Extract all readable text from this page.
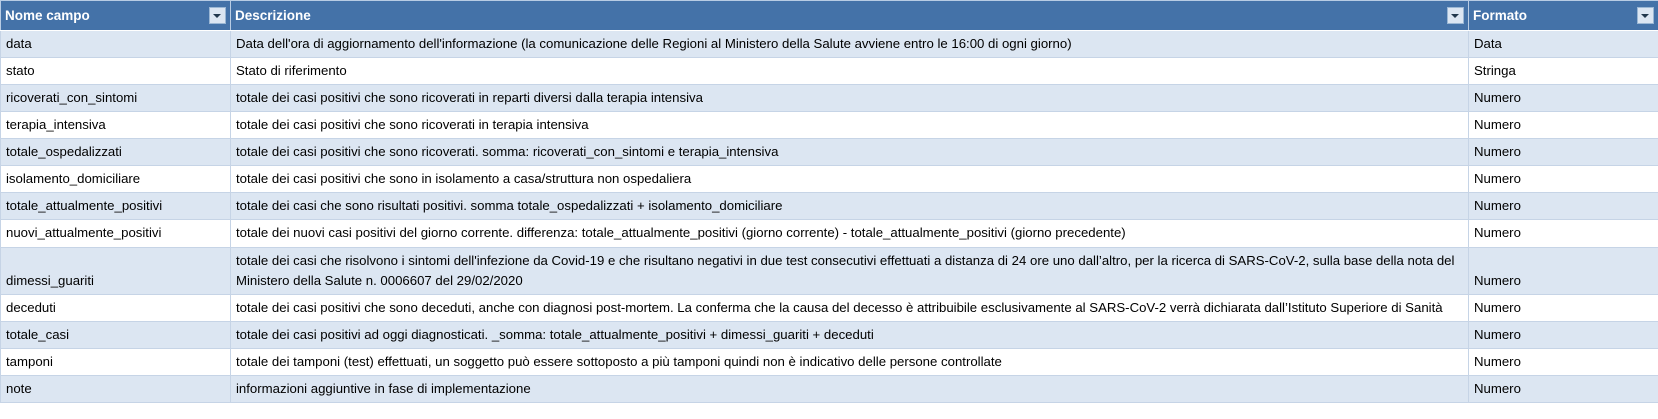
Nome campo	Descrizione	Formato

data	Data dell'ora di aggiornamento dell'informazione (la comunicazione delle Regioni al Ministero della Salute avviene entro le 16:00 di ogni giorno)	Data
stato	Stato di riferimento	Stringa
ricoverati_con_sintomi	totale dei casi positivi che sono ricoverati in reparti diversi dalla terapia intensiva	Numero
terapia_intensiva	totale dei casi positivi che sono ricoverati in terapia intensiva	Numero
totale_ospedalizzati	totale dei casi positivi che sono ricoverati. somma: ricoverati_con_sintomi e terapia_intensiva	Numero
isolamento_domiciliare	totale dei casi positivi che sono in isolamento a casa/struttura non ospedaliera	Numero
totale_attualmente_positivi	totale dei casi che sono risultati positivi. somma totale_ospedalizzati + isolamento_domiciliare	Numero
nuovi_attualmente_positivi	totale dei nuovi casi positivi del giorno corrente. differenza: totale_attualmente_positivi (giorno corrente) - totale_attualmente_positivi (giorno precedente)	Numero
dimessi_guariti	totale dei casi che risolvono i sintomi dell'infezione da Covid-19 e che risultano negativi in due test consecutivi effettuati a distanza di 24 ore uno dall’altro, per la ricerca di SARS-CoV-2, sulla base della nota del Ministero della Salute n. 0006607 del 29/02/2020	Numero
deceduti	totale dei casi positivi che sono deceduti, anche con diagnosi post-mortem. La conferma che la causa del decesso è attribuibile esclusivamente al SARS-CoV-2 verrà dichiarata dall’Istituto Superiore di Sanità	Numero
totale_casi	totale dei casi positivi ad oggi diagnosticati. _somma: totale_attualmente_positivi + dimessi_guariti + deceduti	Numero
tamponi	totale dei tamponi (test) effettuati, un soggetto può essere sottoposto a più tamponi quindi non è indicativo delle persone controllate	Numero
note	informazioni aggiuntive in fase di implementazione	Numero
